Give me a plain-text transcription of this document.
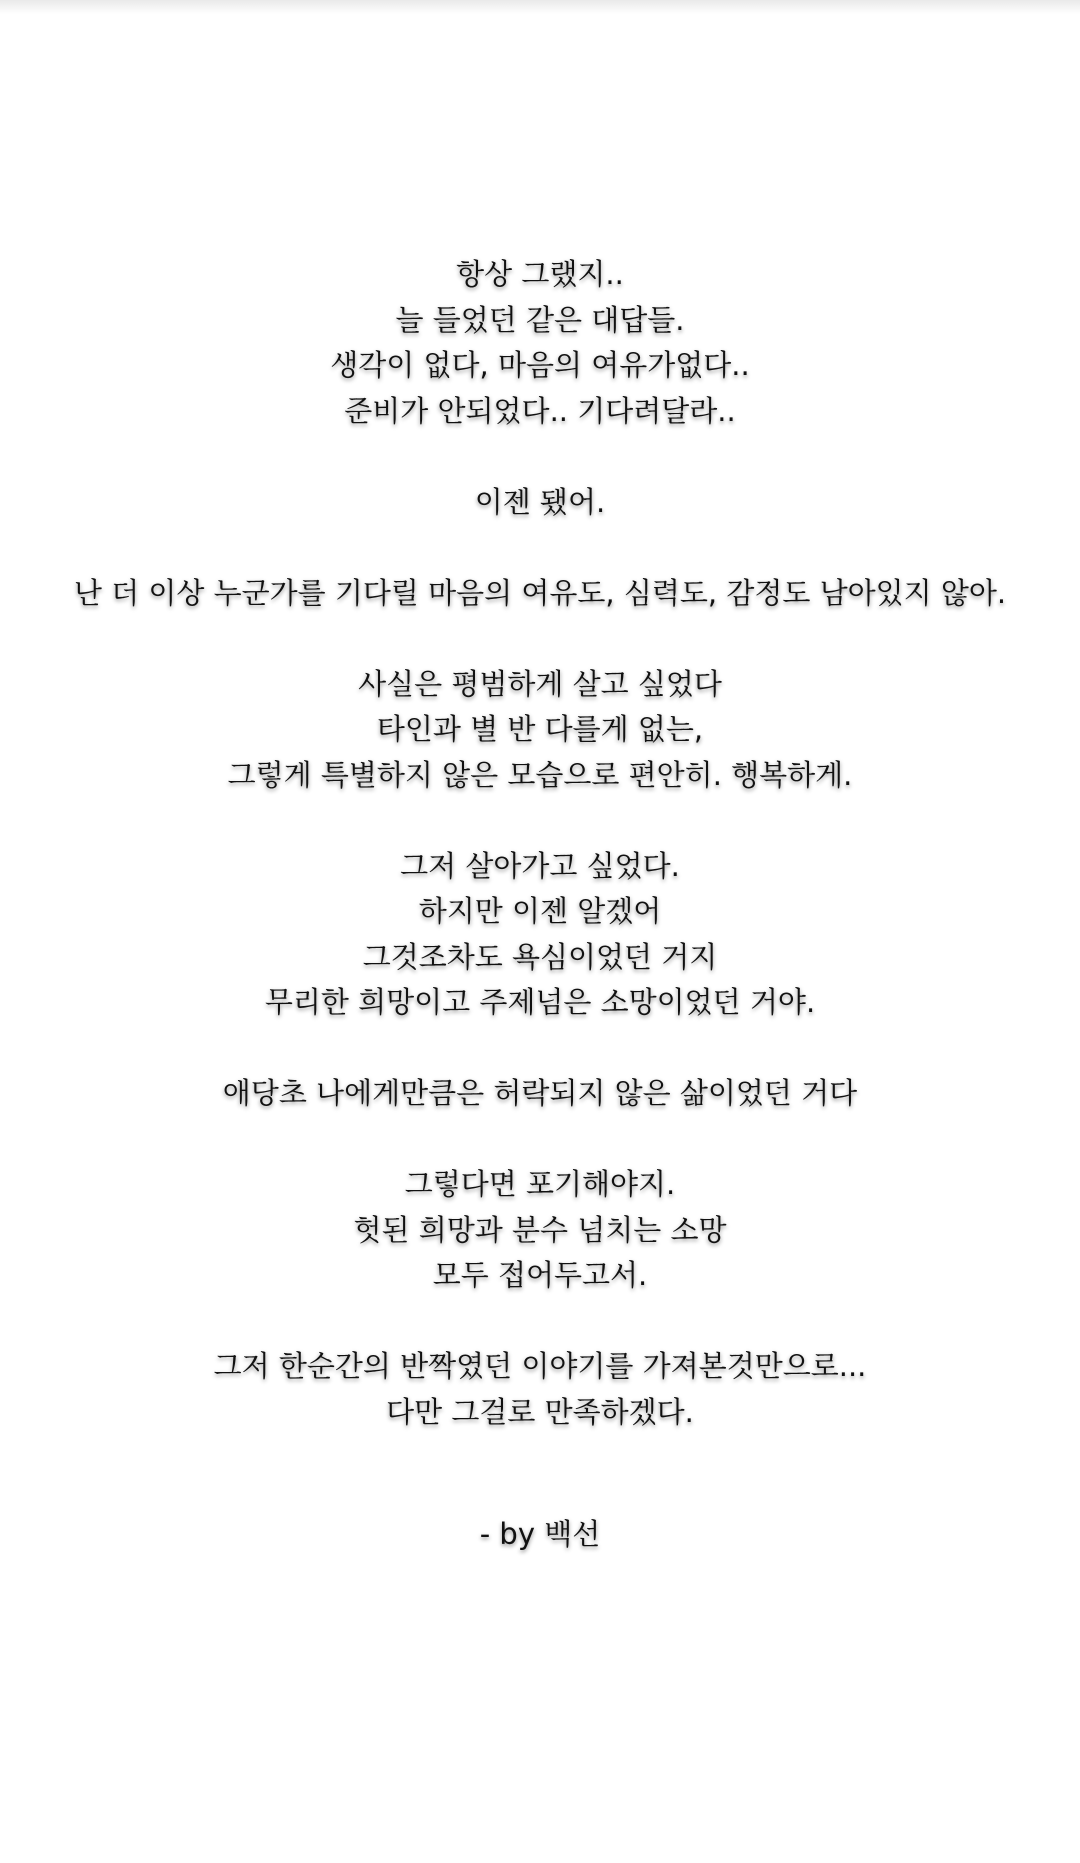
항상 그랬지..
늘 들었던 같은 대답들.
생각이 없다, 마음의 여유가없다..
준비가 안되었다.. 기다려달라..
이젠 됐어.
난 더 이상 누군가를 기다릴 마음의 여유도, 심력도, 감정도 남아있지 않아.
사실은 평범하게 살고 싶었다
타인과 별 반 다를게 없는,
그렇게 특별하지 않은 모습으로 편안히. 행복하게.
그저 살아가고 싶었다.
하지만 이젠 알겠어
그것조차도 욕심이었던 거지
무리한 희망이고 주제넘은 소망이었던 거야.
애당초 나에게만큼은 허락되지 않은 삶이었던 거다
그렇다면 포기해야지.
헛된 희망과 분수 넘치는 소망
모두 접어두고서.
그저 한순간의 반짝였던 이야기를 가져본것만으로...
다만 그걸로 만족하겠다.
- by 백선
